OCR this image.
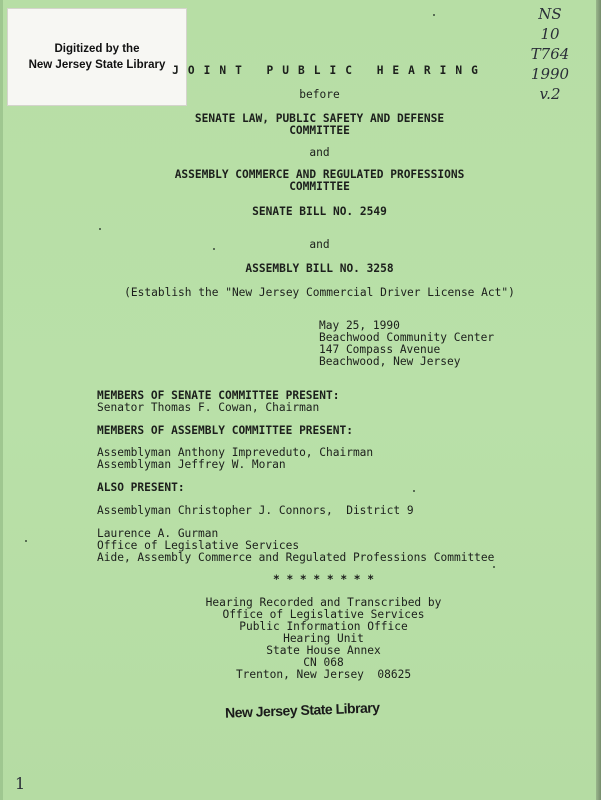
Digitized by the
New Jersey State Library
NS
10
T764
1990
v.2
JOINT PUBLIC HEARING
before
SENATE LAW, PUBLIC SAFETY AND DEFENSE
COMMITTEE
and
ASSEMBLY COMMERCE AND REGULATED PROFESSIONS
COMMITTEE
SENATE BILL NO. 2549
and
ASSEMBLY BILL NO. 3258
(Establish the "New Jersey Commercial Driver License Act")
May 25, 1990
Beachwood Community Center
147 Compass Avenue
Beachwood, New Jersey
MEMBERS OF SENATE COMMITTEE PRESENT:
Senator Thomas F. Cowan, Chairman
MEMBERS OF ASSEMBLY COMMITTEE PRESENT:
Assemblyman Anthony Impreveduto, Chairman
Assemblyman Jeffrey W. Moran
ALSO PRESENT:
Assemblyman Christopher J. Connors,  District 9
Laurence A. Gurman
Office of Legislative Services
Aide, Assembly Commerce and Regulated Professions Committee
* * * * * * * *
Hearing Recorded and Transcribed by
Office of Legislative Services
Public Information Office
Hearing Unit
State House Annex
CN 068
Trenton, New Jersey  08625
New Jersey State Library
1
